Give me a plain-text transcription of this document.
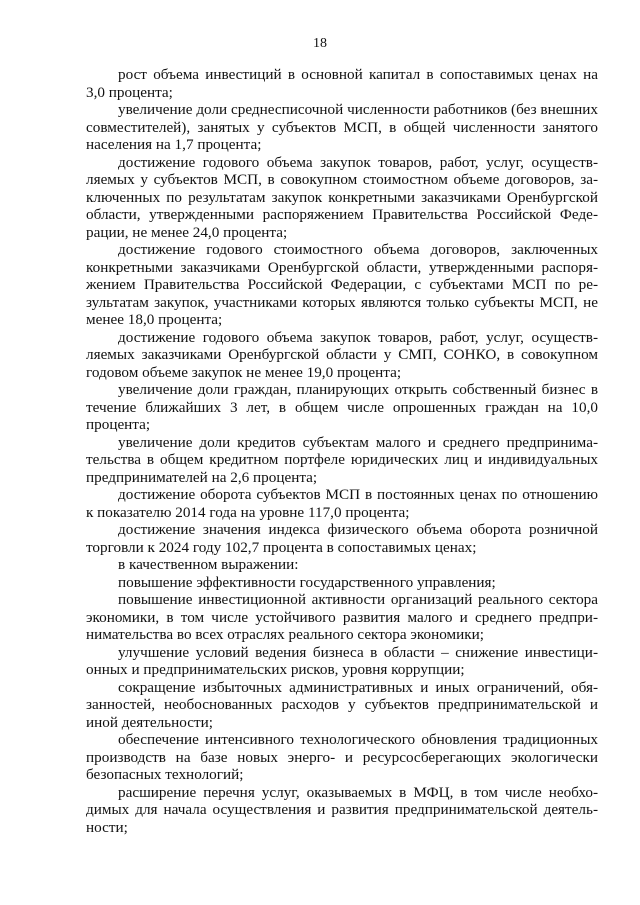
18

рост объема инвестиций в основной капитал в сопоставимых ценах на 3,0 процента;

увеличение доли среднесписочной численности работников (без внешних совместителей), занятых у субъектов МСП, в общей численности занятого населения на 1,7 процента;

достижение годового объема закупок товаров, работ, услуг, осуществляемых у субъектов МСП, в совокупном стоимостном объеме договоров, заключенных по результатам закупок конкретными заказчиками Оренбургской области, утвержденными распоряжением Правительства Российской Федерации, не менее 24,0 процента;

достижение годового стоимостного объема договоров, заключенных конкретными заказчиками Оренбургской области, утвержденными распоряжением Правительства Российской Федерации, с субъектами МСП по результатам закупок, участниками которых являются только субъекты МСП, не менее 18,0 процента;

достижение годового объема закупок товаров, работ, услуг, осуществляемых заказчиками Оренбургской области у СМП, СОНКО, в совокупном годовом объеме закупок не менее 19,0 процента;

увеличение доли граждан, планирующих открыть собственный бизнес в течение ближайших 3 лет, в общем числе опрошенных граждан на 10,0 процента;

увеличение доли кредитов субъектам малого и среднего предпринимательства в общем кредитном портфеле юридических лиц и индивидуальных предпринимателей на 2,6 процента;

достижение оборота субъектов МСП в постоянных ценах по отношению к показателю 2014 года на уровне 117,0 процента;

достижение значения индекса физического объема оборота розничной торговли к 2024 году 102,7 процента в сопоставимых ценах;

в качественном выражении:

повышение эффективности государственного управления;

повышение инвестиционной активности организаций реального сектора экономики, в том числе устойчивого развития малого и среднего предпринимательства во всех отраслях реального сектора экономики;

улучшение условий ведения бизнеса в области – снижение инвестиционных и предпринимательских рисков, уровня коррупции;

сокращение избыточных административных и иных ограничений, обязанностей, необоснованных расходов у субъектов предпринимательской и иной деятельности;

обеспечение интенсивного технологического обновления традиционных производств на базе новых энерго- и ресурсосберегающих экологически безопасных технологий;

расширение перечня услуг, оказываемых в МФЦ, в том числе необходимых для начала осуществления и развития предпринимательской деятельности;
